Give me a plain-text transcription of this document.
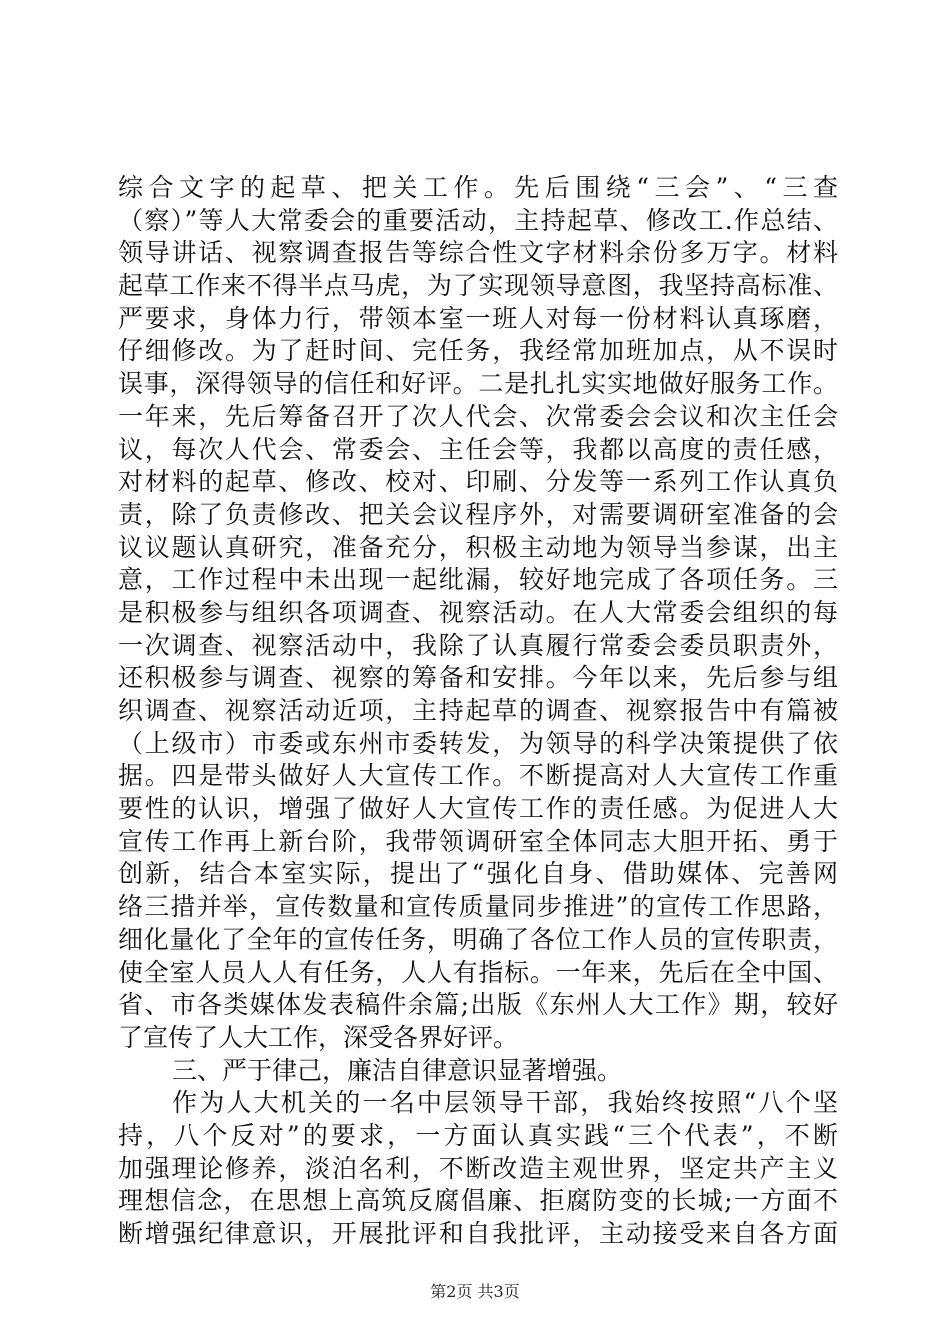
综合文字的起草、把关工作。先后围绕“三会”、“三查
（察）”等人大常委会的重要活动，主持起草、修改工.作总结、
领导讲话、视察调查报告等综合性文字材料余份多万字。材料
起草工作来不得半点马虎，为了实现领导意图，我坚持高标准、
严要求，身体力行，带领本室一班人对每一份材料认真琢磨，
仔细修改。为了赶时间、完任务，我经常加班加点，从不误时
误事，深得领导的信任和好评。二是扎扎实实地做好服务工作。
一年来，先后筹备召开了次人代会、次常委会会议和次主任会
议，每次人代会、常委会、主任会等，我都以高度的责任感，
对材料的起草、修改、校对、印刷、分发等一系列工作认真负
责，除了负责修改、把关会议程序外，对需要调研室准备的会
议议题认真研究，准备充分，积极主动地为领导当参谋，出主
意，工作过程中未出现一起纰漏，较好地完成了各项任务。三
是积极参与组织各项调查、视察活动。在人大常委会组织的每
一次调查、视察活动中，我除了认真履行常委会委员职责外，
还积极参与调查、视察的筹备和安排。今年以来，先后参与组
织调查、视察活动近项，主持起草的调查、视察报告中有篇被
（上级市）市委或东州市委转发，为领导的科学决策提供了依
据。四是带头做好人大宣传工作。不断提高对人大宣传工作重
要性的认识，增强了做好人大宣传工作的责任感。为促进人大
宣传工作再上新台阶，我带领调研室全体同志大胆开拓、勇于
创新，结合本室实际，提出了“强化自身、借助媒体、完善网
络三措并举，宣传数量和宣传质量同步推进”的宣传工作思路，
细化量化了全年的宣传任务，明确了各位工作人员的宣传职责，
使全室人员人人有任务，人人有指标。一年来，先后在全中国、
省、市各类媒体发表稿件余篇;出版《东州人大工作》期，较好
了宣传了人大工作，深受各界好评。
三、严于律己，廉洁自律意识显著增强。
作为人大机关的一名中层领导干部，我始终按照“八个坚
持，八个反对”的要求，一方面认真实践“三个代表”，不断
加强理论修养，淡泊名利，不断改造主观世界，坚定共产主义
理想信念，在思想上高筑反腐倡廉、拒腐防变的长城;一方面不
断增强纪律意识，开展批评和自我批评，主动接受来自各方面
第2页 共3页
